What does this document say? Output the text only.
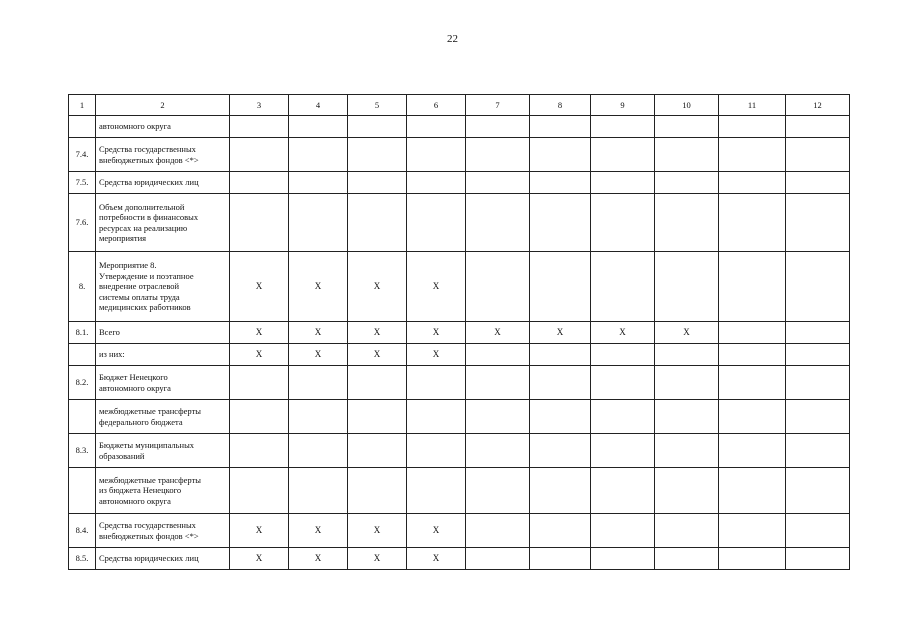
22
1	2	3	4	5	6	7	8	9	10	11	12

	автономного округа										

7.4.	Средства государственных
внебюджетных фондов <*>										

7.5.	Средства юридических лиц										

7.6.	Объем дополнительной
потребности в финансовых
ресурсах на реализацию
мероприятия										

8.	Мероприятие 8.
Утверждение и поэтапное
внедрение отраслевой
системы оплаты труда
медицинских работников	Х	Х	Х	Х						
8.1.	Всего	Х	Х	Х	Х	Х	Х	Х	Х		

	из них:	Х	Х	Х	Х						
8.2.	Бюджет Ненецкого
автономного округа										

	межбюджетные трансферты
федерального бюджета										

8.3.	Бюджеты муниципальных
образований										

	межбюджетные трансферты
из бюджета Ненецкого
автономного округа										

8.4.	Средства государственных
внебюджетных фондов <*>	Х	Х	Х	Х						
8.5.	Средства юридических лиц	Х	Х	Х	Х						
